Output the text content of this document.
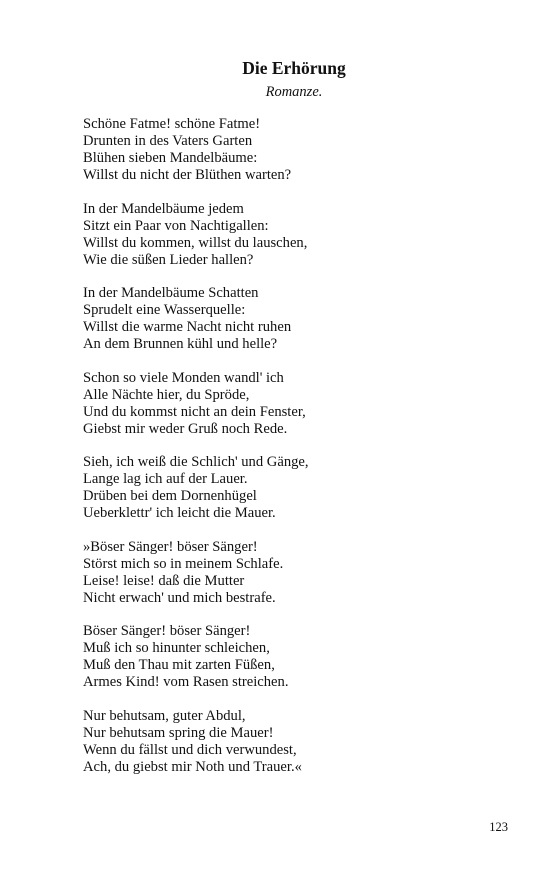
Die Erhörung
Romanze.
Schöne Fatme! schöne Fatme!
Drunten in des Vaters Garten
Blühen sieben Mandelbäume:
Willst du nicht der Blüthen warten?
In der Mandelbäume jedem
Sitzt ein Paar von Nachtigallen:
Willst du kommen, willst du lauschen,
Wie die süßen Lieder hallen?
In der Mandelbäume Schatten
Sprudelt eine Wasserquelle:
Willst die warme Nacht nicht ruhen
An dem Brunnen kühl und helle?
Schon so viele Monden wandl' ich
Alle Nächte hier, du Spröde,
Und du kommst nicht an dein Fenster,
Giebst mir weder Gruß noch Rede.
Sieh, ich weiß die Schlich' und Gänge,
Lange lag ich auf der Lauer.
Drüben bei dem Dornenhügel
Ueberklettr' ich leicht die Mauer.
»Böser Sänger! böser Sänger!
Störst mich so in meinem Schlafe.
Leise! leise! daß die Mutter
Nicht erwach' und mich bestrafe.
Böser Sänger! böser Sänger!
Muß ich so hinunter schleichen,
Muß den Thau mit zarten Füßen,
Armes Kind! vom Rasen streichen.
Nur behutsam, guter Abdul,
Nur behutsam spring die Mauer!
Wenn du fällst und dich verwundest,
Ach, du giebst mir Noth und Trauer.«
123
